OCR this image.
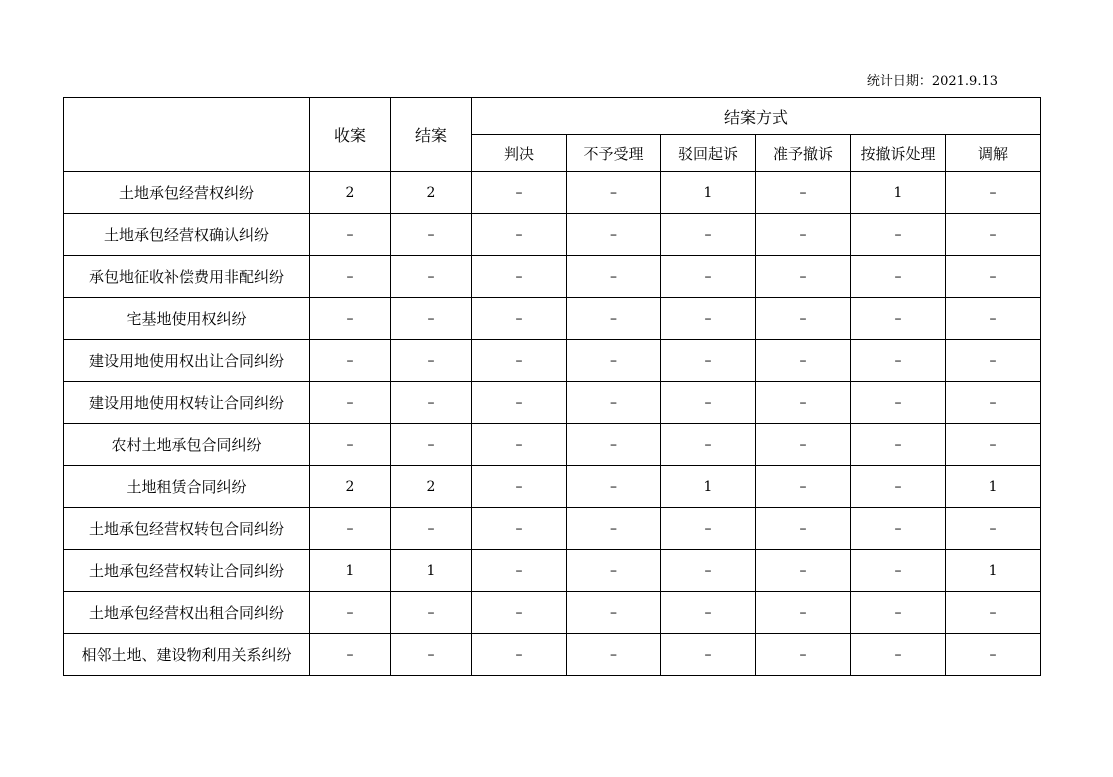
统计日期：2021.9.13
	收案	结案	结案方式					
			判决	不予受理	驳回起诉	准予撤诉	按撤诉处理	调解
土地承包经营权纠纷	2	2	–	–	1	–	1	–
土地承包经营权确认纠纷	–	–	–	–	–	–	–	–
承包地征收补偿费用非配纠纷	–	–	–	–	–	–	–	–
宅基地使用权纠纷	–	–	–	–	–	–	–	–
建设用地使用权出让合同纠纷	–	–	–	–	–	–	–	–
建设用地使用权转让合同纠纷	–	–	–	–	–	–	–	–
农村土地承包合同纠纷	–	–	–	–	–	–	–	–
土地租赁合同纠纷	2	2	–	–	1	–	–	1
土地承包经营权转包合同纠纷	–	–	–	–	–	–	–	–
土地承包经营权转让合同纠纷	1	1	–	–	–	–	–	1
土地承包经营权出租合同纠纷	–	–	–	–	–	–	–	–
相邻土地、建设物利用关系纠纷	–	–	–	–	–	–	–	–
